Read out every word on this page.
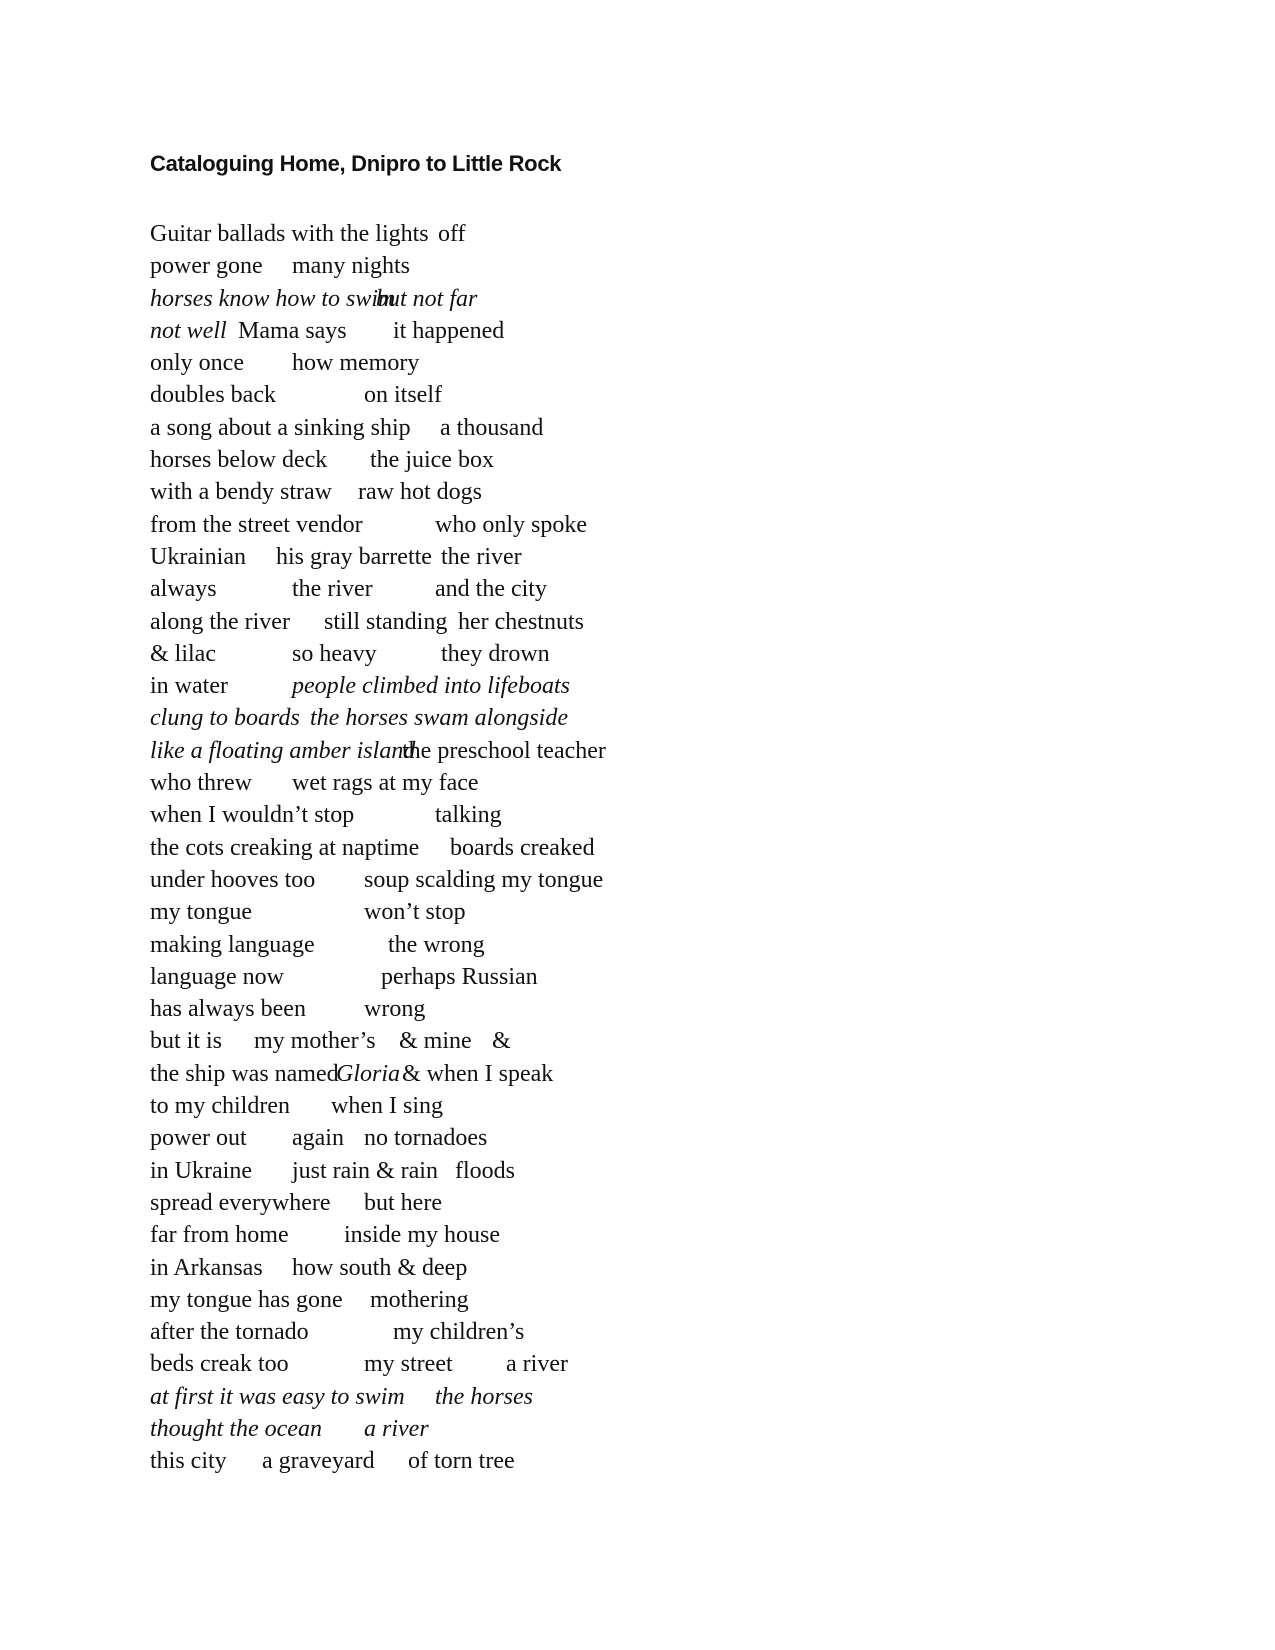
Cataloguing Home, Dnipro to Little Rock
Guitar ballads with the lights off
power gone many nights
horses know how to swim
but not far
not well Mama says it happened
only once how memory
doubles back	on itself
a song about a sinking ship a thousand
horses below deck the juice box
with a bendy straw raw hot dogs
from the street vendor	who only spoke
Ukrainian his gray barrette the river
always	the river	and the city
along the river still standing her chestnuts
& lilac	so heavy	they drown
in water	people climbed into lifeboats
clung to boards the horses swam alongside
like a floating amber island
the preschool teacher
who threw wet rags at my face
when I wouldn’t stop	talking
the cots creaking at naptime boards creaked
under hooves too soup scalding my tongue
my tongue	won’t stop
making language	the wrong
language now	perhaps Russian
has always been wrong
but it is my mother’s & mine &
the ship was named
Gloria & when I speak
to my children when I sing
power out again no tornadoes
in Ukraine just rain & rain floods
spread everywhere but here
far from home inside my house
in Arkansas how south & deep
my tongue has gone mothering
after the tornado	my children’s
beds creak too	my street a river
at first it was easy to swim the horses
thought the ocean a river
this city a graveyard of torn tree
